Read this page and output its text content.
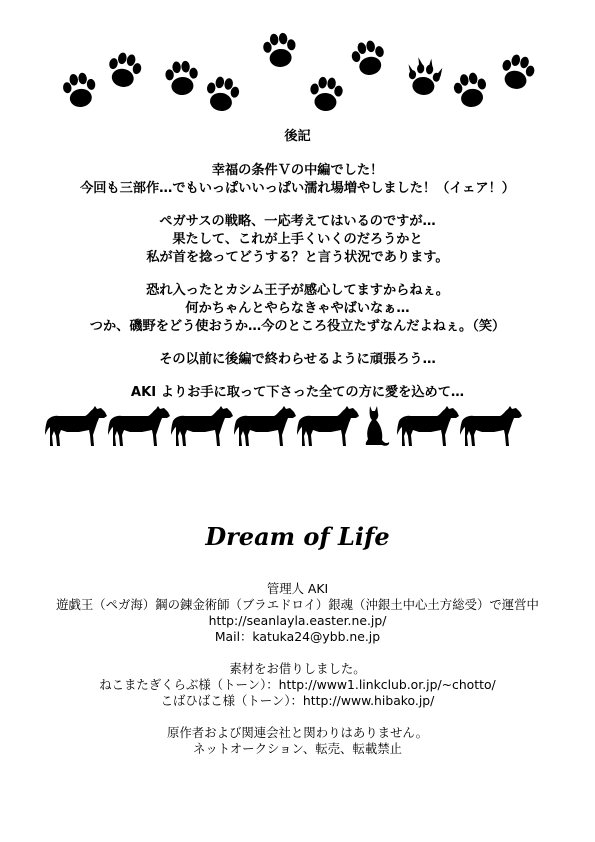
後記
幸福の条件Ｖの中編でした！
今回も三部作…でもいっぱいいっぱい濡れ場増やしました！（イェア！）
ペガサスの戦略、一応考えてはいるのですが…
果たして、これが上手くいくのだろうかと
私が首を捻ってどうする？と言う状況であります。
恐れ入ったとカシム王子が感心してますからねぇ。
何かちゃんとやらなきゃやばいなぁ…
つか、磯野をどう使おうか…今のところ役立たずなんだよねぇ。（笑）
その以前に後編で終わらせるように頑張ろう…
AKI よりお手に取って下さった全ての方に愛を込めて…
Dream of Life
管理人 AKI
遊戯王（ペガ海）鋼の錬金術師（ブラエドロイ）銀魂（沖銀土中心土方総受）で運営中
http://seanlayla.easter.ne.jp/
Mail：katuka24@ybb.ne.jp
素材をお借りしました。
ねこまたぎくらぶ様（トーン）：http://www1.linkclub.or.jp/~chotto/
こばひばこ様（トーン）：http://www.hibako.jp/
原作者および関連会社と関わりはありません。
ネットオークション、転売、転載禁止
